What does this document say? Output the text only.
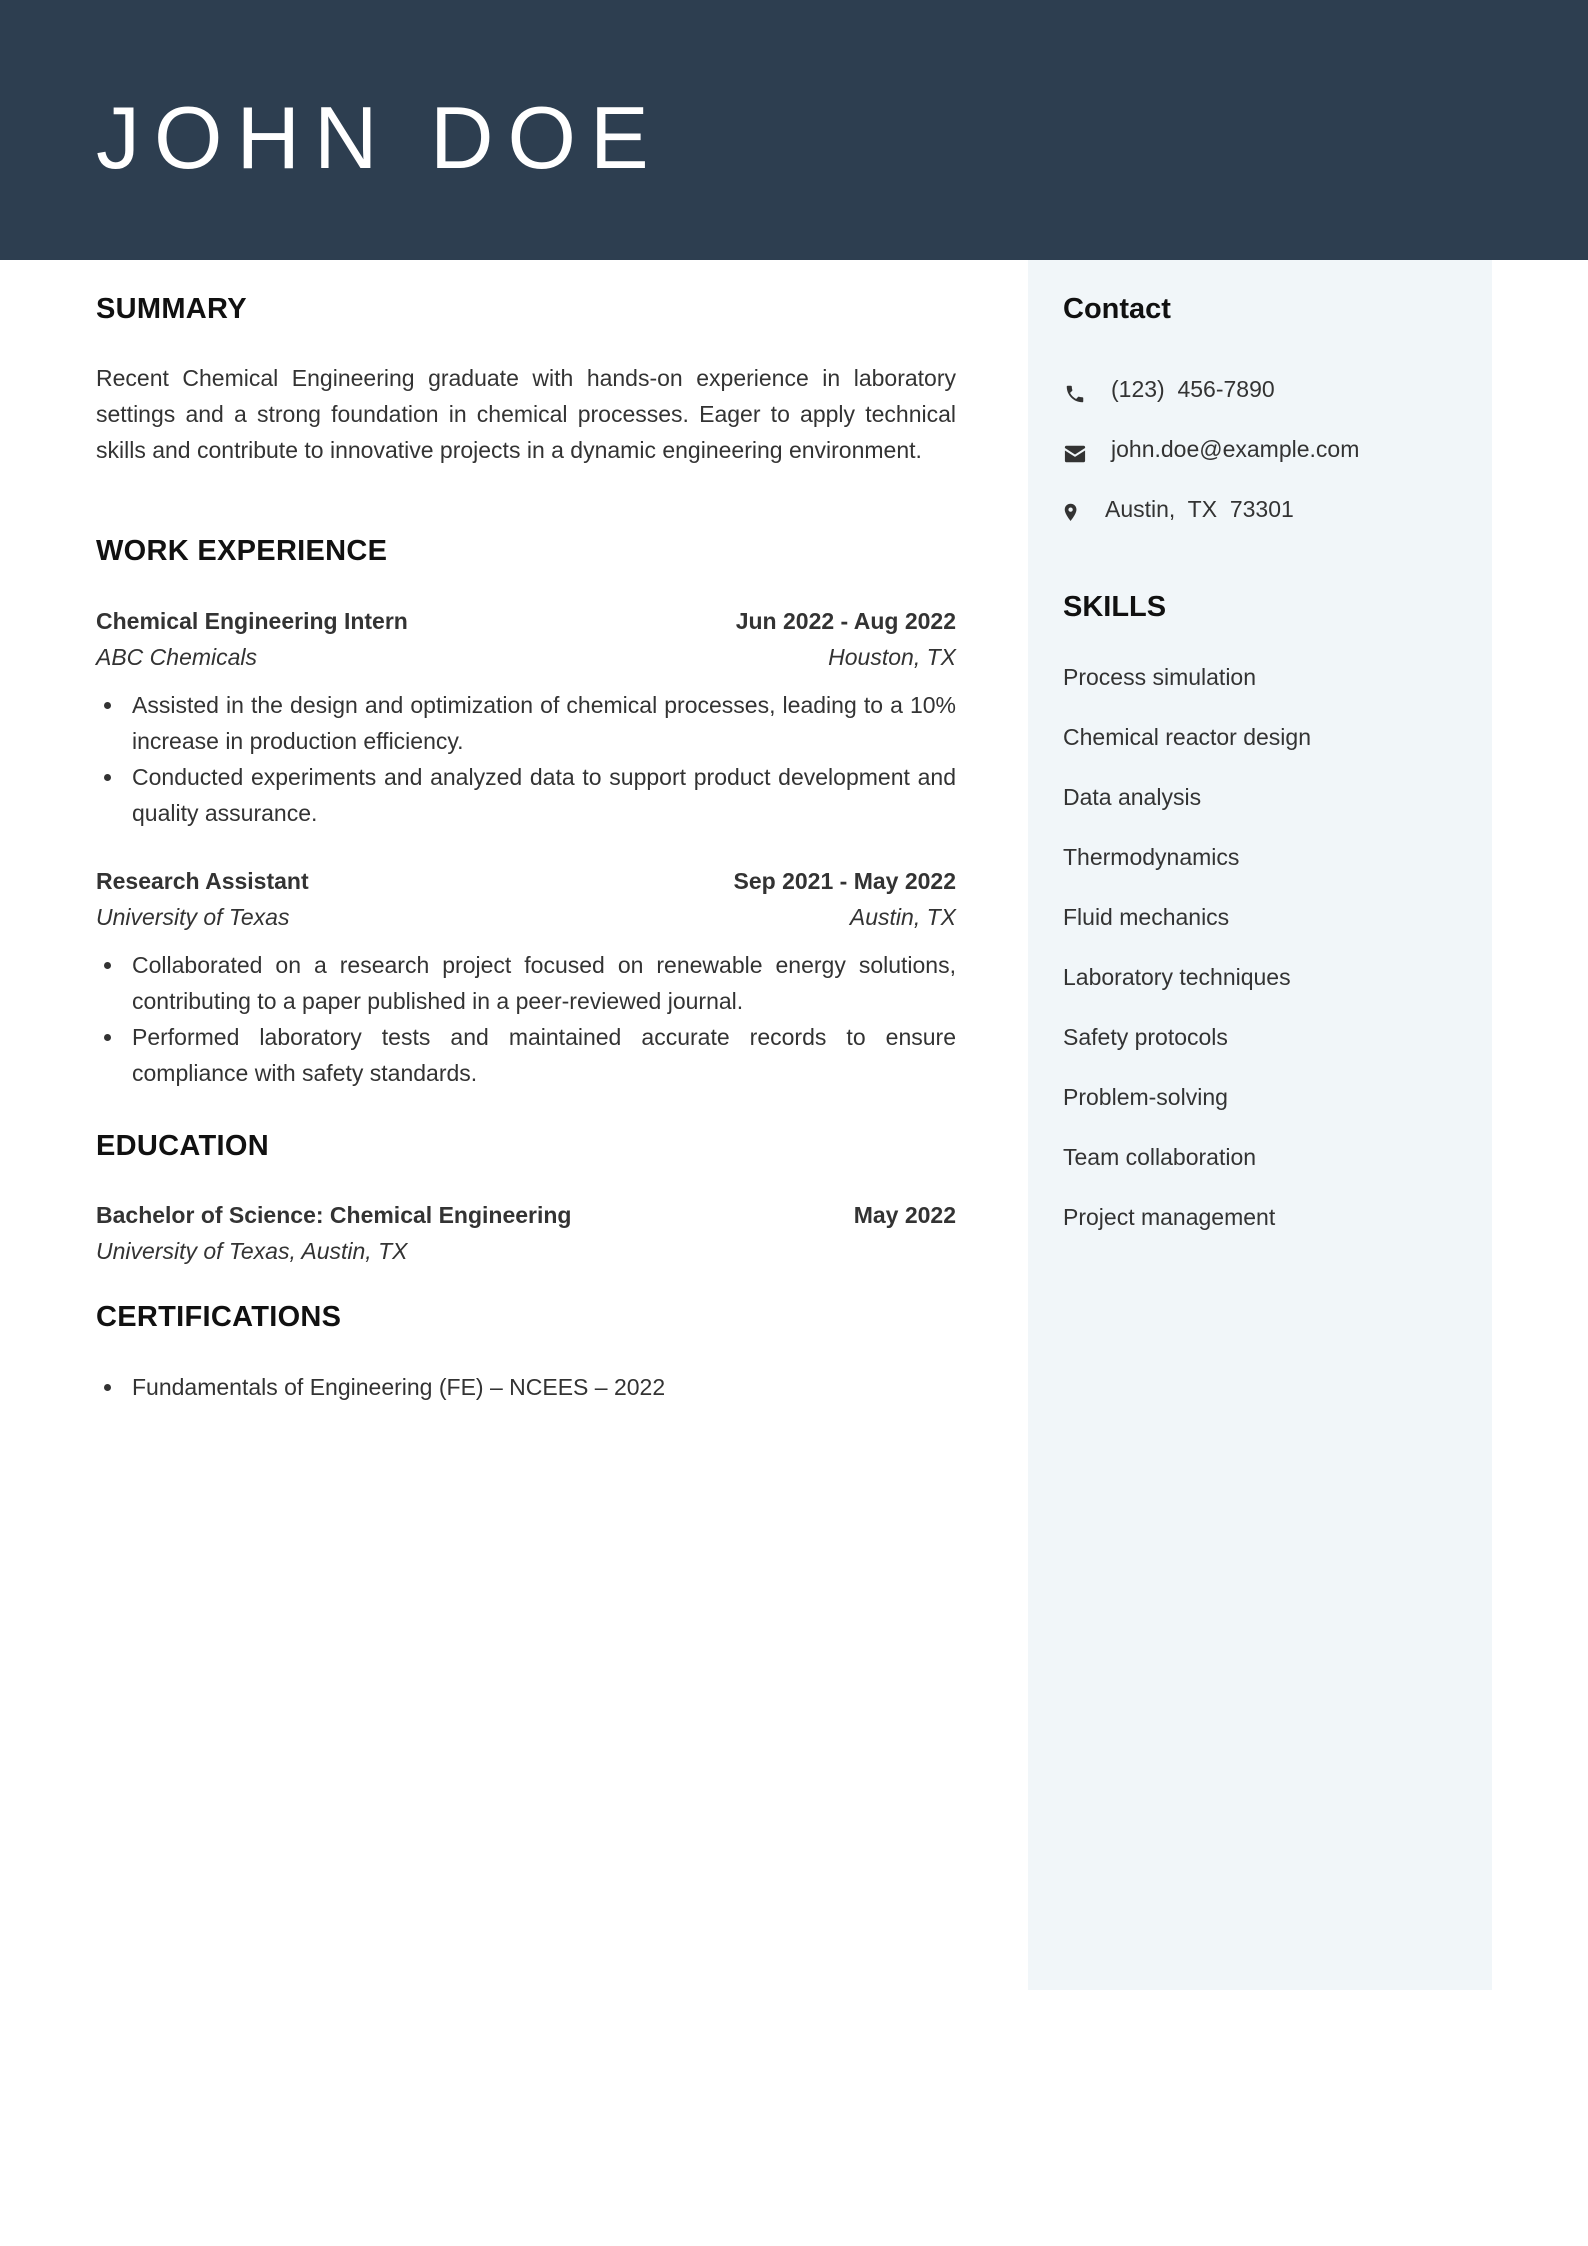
JOHN DOE
SUMMARY
Recent Chemical Engineering graduate with hands-on experience in laboratory settings and a strong foundation in chemical processes. Eager to apply technical skills and contribute to innovative projects in a dynamic engineering environment.
WORK EXPERIENCE
Chemical Engineering Intern	Jun 2022 - Aug 2022
ABC Chemicals	Houston, TX
Assisted in the design and optimization of chemical processes, leading to a 10% increase in production efficiency.
Conducted experiments and analyzed data to support product development and quality assurance.
Research Assistant	Sep 2021 - May 2022
University of Texas	Austin, TX
Collaborated on a research project focused on renewable energy solutions, contributing to a paper published in a peer-reviewed journal.
Performed laboratory tests and maintained accurate records to ensure compliance with safety standards.
EDUCATION
Bachelor of Science: Chemical Engineering	May 2022
University of Texas, Austin, TX
CERTIFICATIONS
Fundamentals of Engineering (FE) – NCEES – 2022
Contact
(123)  456-7890
john.doe@example.com
Austin,  TX  73301
SKILLS
Process simulation
Chemical reactor design
Data analysis
Thermodynamics
Fluid mechanics
Laboratory techniques
Safety protocols
Problem-solving
Team collaboration
Project management
